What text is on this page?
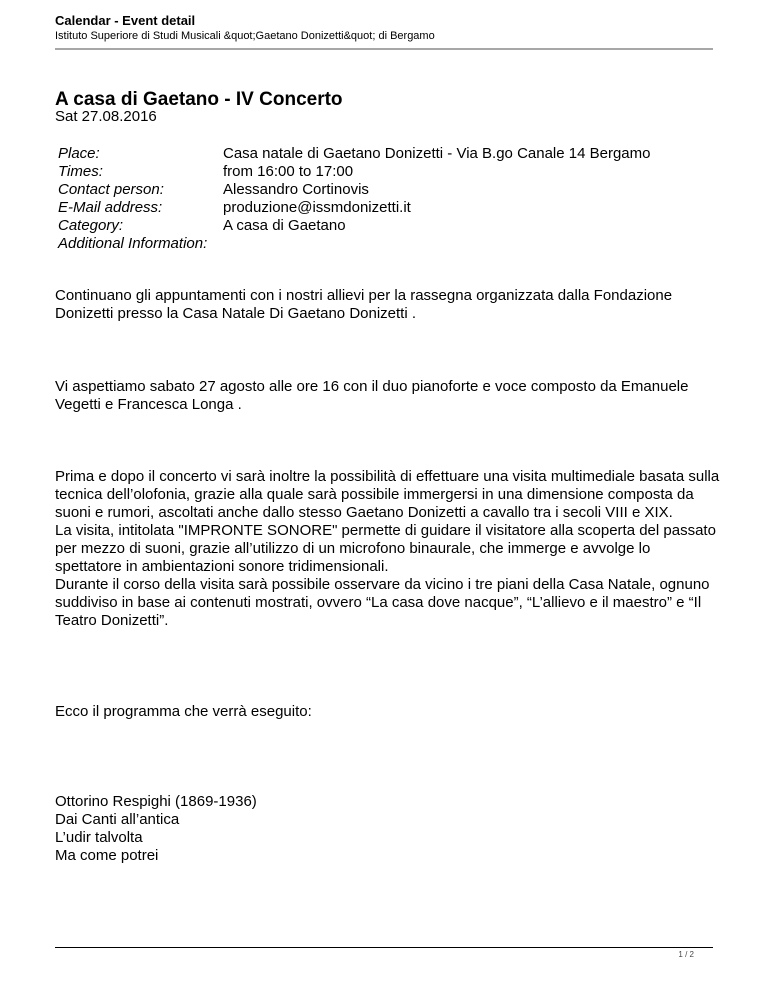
Calendar - Event detail
Istituto Superiore di Studi Musicali &quot;Gaetano Donizetti&quot; di Bergamo
A casa di Gaetano - IV Concerto
Sat 27.08.2016
Place:	Casa natale di Gaetano Donizetti - Via B.go Canale 14 Bergamo
Times:	from 16:00 to 17:00
Contact person:	Alessandro Cortinovis
E-Mail address:	produzione@issmdonizetti.it
Category:	A casa di Gaetano
Additional Information:

Continuano gli appuntamenti con i nostri allievi per la rassegna organizzata dalla Fondazione Donizetti presso la Casa Natale Di Gaetano Donizetti .

Vi aspettiamo sabato 27 agosto alle ore 16 con il duo pianoforte e voce composto da Emanuele Vegetti e Francesca Longa .

Prima e dopo il concerto vi sarà inoltre la possibilità di effettuare una visita multimediale basata sulla tecnica dell’olofonia, grazie alla quale sarà possibile immergersi in una dimensione composta da suoni e rumori, ascoltati anche dallo stesso Gaetano Donizetti a cavallo tra i secoli VIII e XIX.

La visita, intitolata "IMPRONTE SONORE" permette di guidare il visitatore alla scoperta del passato per mezzo di suoni, grazie all’utilizzo di un microfono binaurale, che immerge e avvolge lo spettatore in ambientazioni sonore tridimensionali.

Durante il corso della visita sarà possibile osservare da vicino i tre piani della Casa Natale, ognuno suddiviso in base ai contenuti mostrati, ovvero “La casa dove nacque”, “L’allievo e il maestro” e “Il Teatro Donizetti”.

Ecco il programma che verrà eseguito:

Ottorino Respighi (1869-1936)
Dai Canti all’antica
L’udir talvolta
Ma come potrei
1 / 2
